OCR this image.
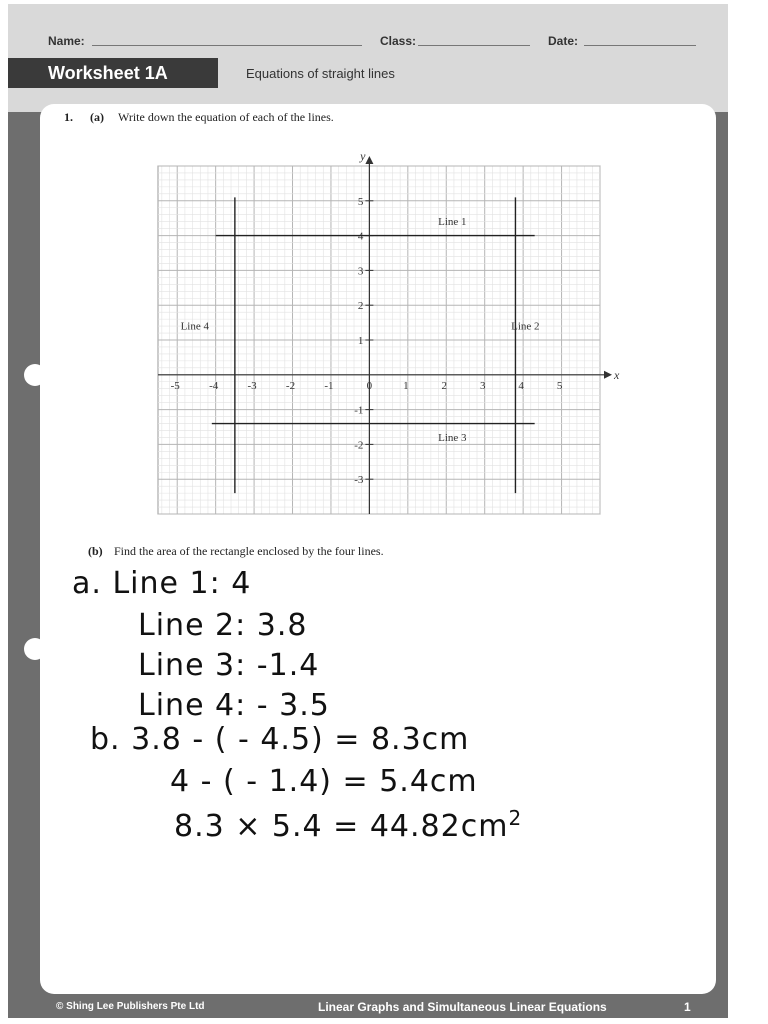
Name:	Class:	Date:
Worksheet 1A	Equations of straight lines
1. (a) Write down the equation of each of the lines.
x
y
-5	-4	-3	-2	-1	0	1	2	3	4	5
5
4
3
2
1
-1
-2
-3
Line 1
Line 2
Line 3
Line 4
(b) Find the area of the rectangle enclosed by the four lines.
a. Line 1: 4
Line 2: 3.8
Line 3: -1.4
Line 4: - 3.5
b. 3.8 - ( - 4.5) = 8.3cm
4 - ( - 1.4) = 5.4cm
$8.3 \times 5.4 = 44.82cm^2$
© Shing Lee Publishers Pte Ltd	Linear Graphs and Simultaneous Linear Equations	1
